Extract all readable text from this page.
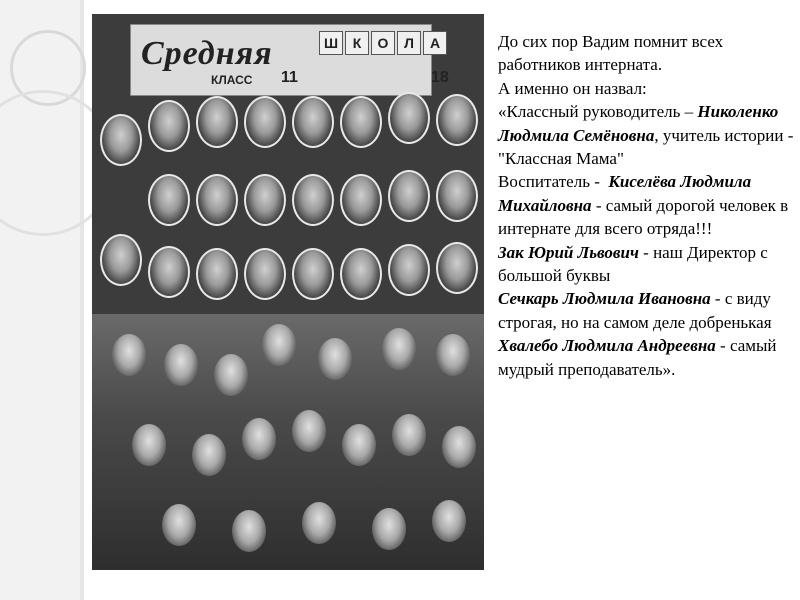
Средняя	Ш	К	О	Л	А
КЛАСС 11	18

До сих пор Вадим помнит всех работников интерната.

А именно он назвал:

«Классный руководитель – Николенко Людмила Семёновна, учитель истории -"Классная Мама"

Воспитатель - Киселёва Людмила Михайловна - самый дорогой человек в интернате для всего отряда!!!

Зак Юрий Львович - наш Директор с большой буквы

Сечкарь Людмила Ивановна - с виду строгая, но на самом деле добренькая

Хвалебо Людмила Андреевна - самый мудрый преподаватель».
